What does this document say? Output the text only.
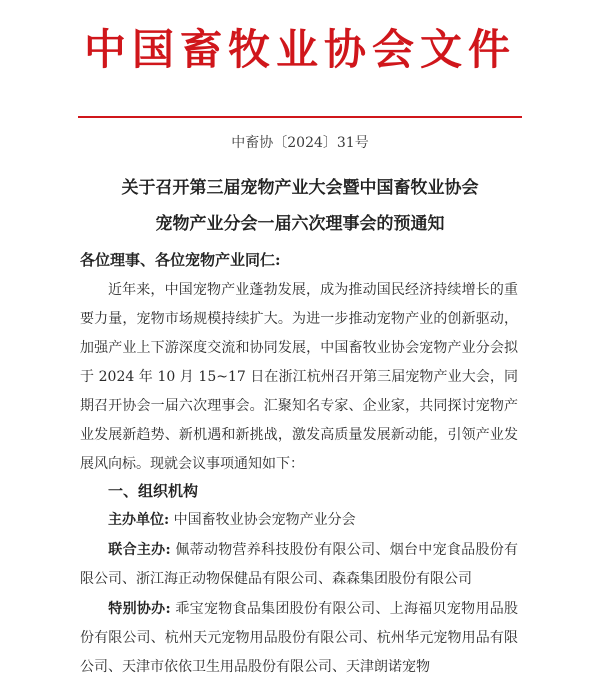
中国畜牧业协会文件
中畜协〔2024〕31号
关于召开第三届宠物产业大会暨中国畜牧业协会
宠物产业分会一届六次理事会的预通知
各位理事、各位宠物产业同仁:
近年来，中国宠物产业蓬勃发展，成为推动国民经济持续增长的重要力量，宠物市场规模持续扩大。为进一步推动宠物产业的创新驱动，加强产业上下游深度交流和协同发展，中国畜牧业协会宠物产业分会拟于 2024 年 10 月 15~17 日在浙江杭州召开第三届宠物产业大会，同期召开协会一届六次理事会。汇聚知名专家、企业家，共同探讨宠物产业发展新趋势、新机遇和新挑战，激发高质量发展新动能，引领产业发展风向标。现就会议事项通知如下：
一、组织机构
主办单位: 中国畜牧业协会宠物产业分会
联合主办: 佩蒂动物营养科技股份有限公司、烟台中宠食品股份有限公司、浙江海正动物保健品有限公司、森森集团股份有限公司
特别协办: 乖宝宠物食品集团股份有限公司、上海福贝宠物用品股份有限公司、杭州天元宠物用品股份有限公司、杭州华元宠物用品有限公司、天津市依依卫生用品股份有限公司、天津朗诺宠物
